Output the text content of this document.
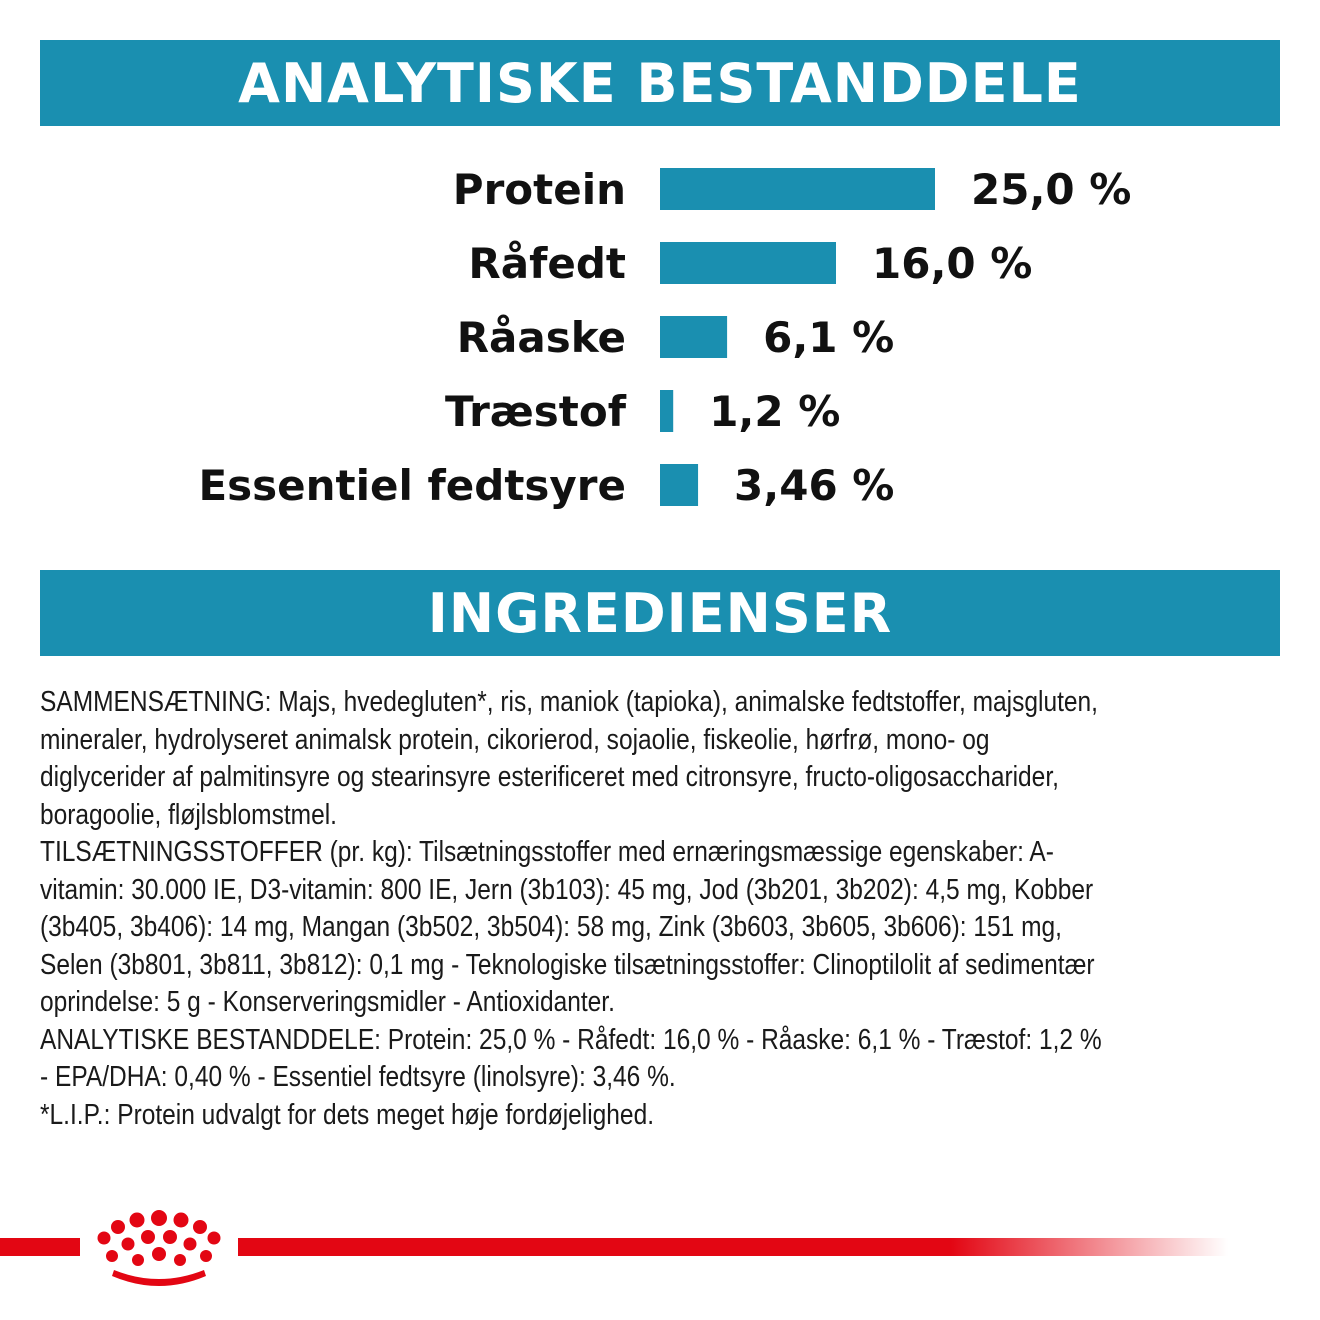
ANALYTISKE BESTANDDELE
Protein	25,0 %
Råfedt	16,0 %
Råaske	6,1 %
Træstof 1,2 %
Essentiel fedtsyre	3,46 %
INGREDIENSER

SAMMENSÆTNING: Majs, hvedegluten*, ris, maniok (tapioka), animalske fedtstoffer, majsgluten, mineraler, hydrolyseret animalsk protein, cikorierod, sojaolie, fiskeolie, hørfrø, mono- og diglycerider af palmitinsyre og stearinsyre esterificeret med citronsyre, fructo-oligosaccharider, boragoolie, fløjlsblomstmel.

TILSÆTNINGSSTOFFER (pr. kg): Tilsætningsstoffer med ernæringsmæssige egenskaber: A-vitamin: 30.000 IE, D3-vitamin: 800 IE, Jern (3b103): 45 mg, Jod (3b201, 3b202): 4,5 mg, Kobber (3b405, 3b406): 14 mg, Mangan (3b502, 3b504): 58 mg, Zink (3b603, 3b605, 3b606): 151 mg, Selen (3b801, 3b811, 3b812): 0,1 mg - Teknologiske tilsætningsstoffer: Clinoptilolit af sedimentær oprindelse: 5 g - Konserveringsmidler - Antioxidanter.

ANALYTISKE BESTANDDELE: Protein: 25,0 % - Råfedt: 16,0 % - Råaske: 6,1 % - Træstof: 1,2 % - EPA/DHA: 0,40 % - Essentiel fedtsyre (linolsyre): 3,46 %.

*L.I.P.: Protein udvalgt for dets meget høje fordøjelighed.
